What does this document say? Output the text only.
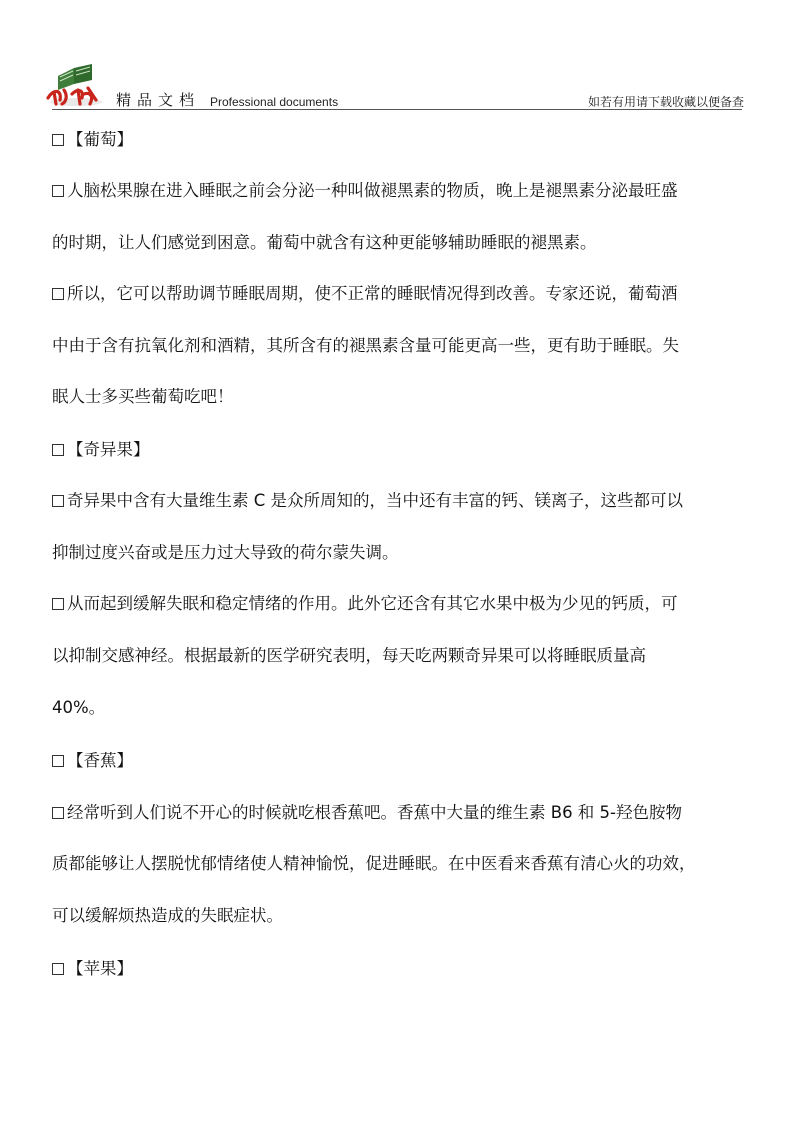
精品文档 Professional documents	如若有用请下载收藏以便备查
【葡萄】
人脑松果腺在进入睡眠之前会分泌一种叫做褪黑素的物质，晚上是褪黑素分泌最旺盛
的时期，让人们感觉到困意。葡萄中就含有这种更能够辅助睡眠的褪黑素。
所以，它可以帮助调节睡眠周期，使不正常的睡眠情况得到改善。专家还说，葡萄酒
中由于含有抗氧化剂和酒精，其所含有的褪黑素含量可能更高一些，更有助于睡眠。失
眠人士多买些葡萄吃吧！
【奇异果】
奇异果中含有大量维生素 C 是众所周知的，当中还有丰富的钙、镁离子，这些都可以
抑制过度兴奋或是压力过大导致的荷尔蒙失调。
从而起到缓解失眠和稳定情绪的作用。此外它还含有其它水果中极为少见的钙质，可
以抑制交感神经。根据最新的医学研究表明，每天吃两颗奇异果可以将睡眠质量高
40%。
【香蕉】
经常听到人们说不开心的时候就吃根香蕉吧。香蕉中大量的维生素 B6 和 5-羟色胺物
质都能够让人摆脱忧郁情绪使人精神愉悦，促进睡眠。在中医看来香蕉有清心火的功效，
可以缓解烦热造成的失眠症状。
【苹果】
